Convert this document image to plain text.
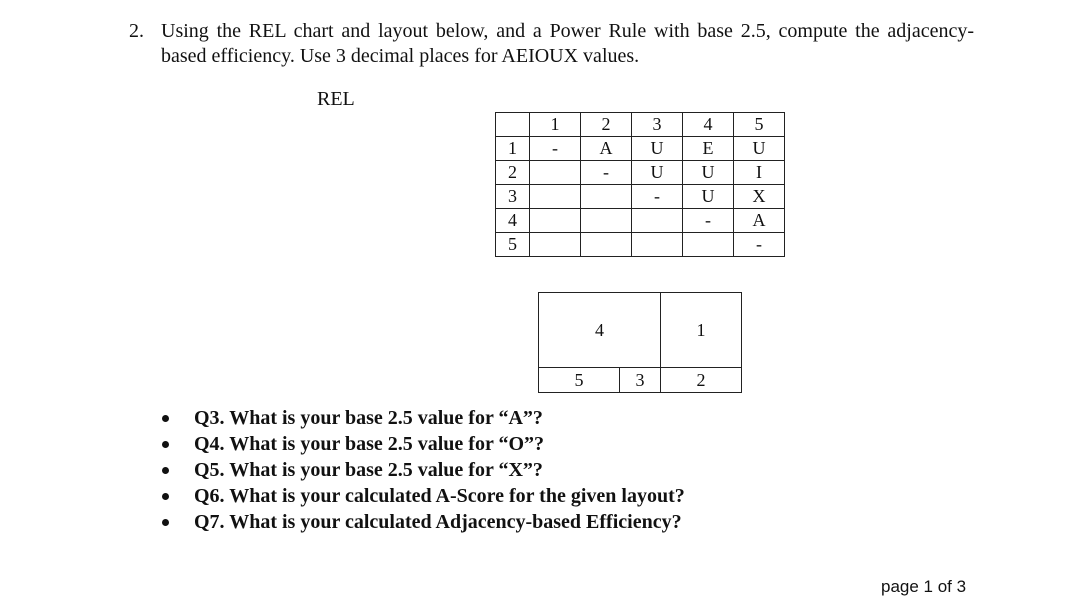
2. Using the REL chart and layout below, and a Power Rule with base 2.5, compute the adjacency-based efficiency. Use 3 decimal places for AEIOUX values.
REL
	1	2	3	4	5
1	-	A	U	E	U
2		-	U	U	I
3			-	U	X
4				-	A
5					-
4	1
5	3	2
Q3. What is your base 2.5 value for “A”?
Q4. What is your base 2.5 value for “O”?
Q5. What is your base 2.5 value for “X”?
Q6. What is your calculated A-Score for the given layout?
Q7. What is your calculated Adjacency-based Efficiency?
page 1 of 3
